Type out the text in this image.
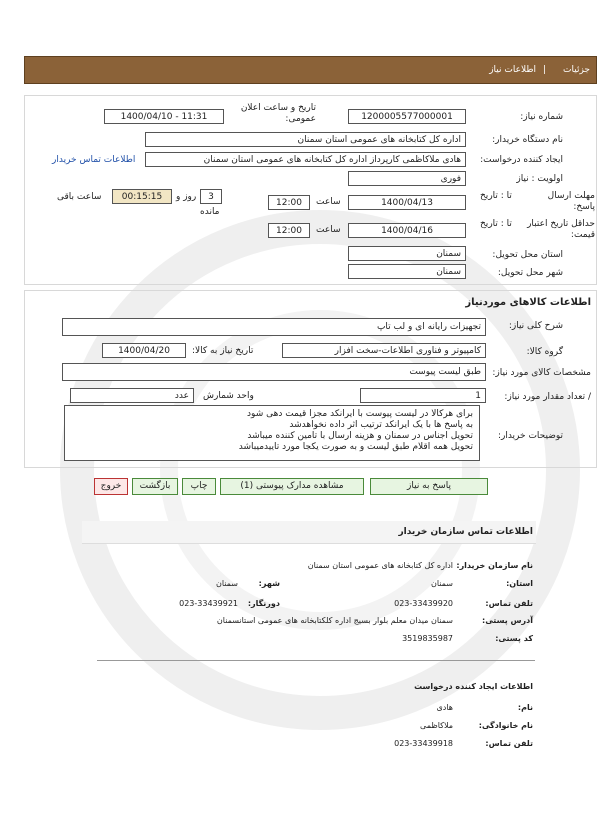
جزئیات
|
اطلاعات نیاز
شماره نیاز:
1200005577000001
تاریخ و ساعت اعلان عمومی:
1400/04/10 - 11:31
نام دستگاه خریدار:
اداره کل کتابخانه های عمومی استان سمنان
ایجاد کننده درخواست:
هادی ملاکاظمی کارپرداز اداره کل کتابخانه های عمومی استان سمنان
اطلاعات تماس خریدار
اولویت : نیاز
فوری
مهلت ارسال پاسخ:
تا : تاریخ
1400/04/13
ساعت
12:00
3
روز و
مانده
00:15:15
ساعت باقی
حداقل تاریخ اعتبار قیمت:
تا : تاریخ
1400/04/16
ساعت
12:00
استان محل تحویل:
سمنان
شهر محل تحویل:
سمنان
اطلاعات کالاهای موردنیاز
شرح کلی نیاز:
تجهیزات رایانه ای و لب تاپ
گروه کالا:
کامپیوتر و فناوری اطلاعات-سخت افزار
تاریخ نیاز به کالا:
1400/04/20
مشخصات کالای مورد نیاز:
طبق لیست پیوست
/ تعداد مقدار مورد نیاز:
1
واحد شمارش
عدد
توضیحات خریدار:
برای هرکالا در لیست پیوست با ایرانکد مجزا قیمت دهی شود
به پاسخ ها با یک ایرانکد ترتیب اثر داده نخواهدشد
تحویل اجناس در سمنان و هزینه ارسال با تامین کننده میباشد
تحویل همه اقلام طبق لیست و به صورت یکجا مورد تاییدمیباشد
پاسخ به نیاز
مشاهده مدارک پیوستی (1)
چاپ
بازگشت
خروج
اطلاعات تماس سازمان خریدار
نام سازمان خریدار:
اداره کل کتابخانه های عمومی استان سمنان
استان:
سمنان
شهر:
سمنان
تلفن تماس:
023-33439920
دورنگار:
023-33439921
آدرس پستی:
سمنان میدان معلم بلوار بسیج اداره کلکتابخانه های عمومی استانسمنان
کد پستی:
3519835987
اطلاعات ایجاد کننده درخواست
نام:
هادی
نام خانوادگی:
ملاکاظمی
تلفن تماس:
023-33439918
